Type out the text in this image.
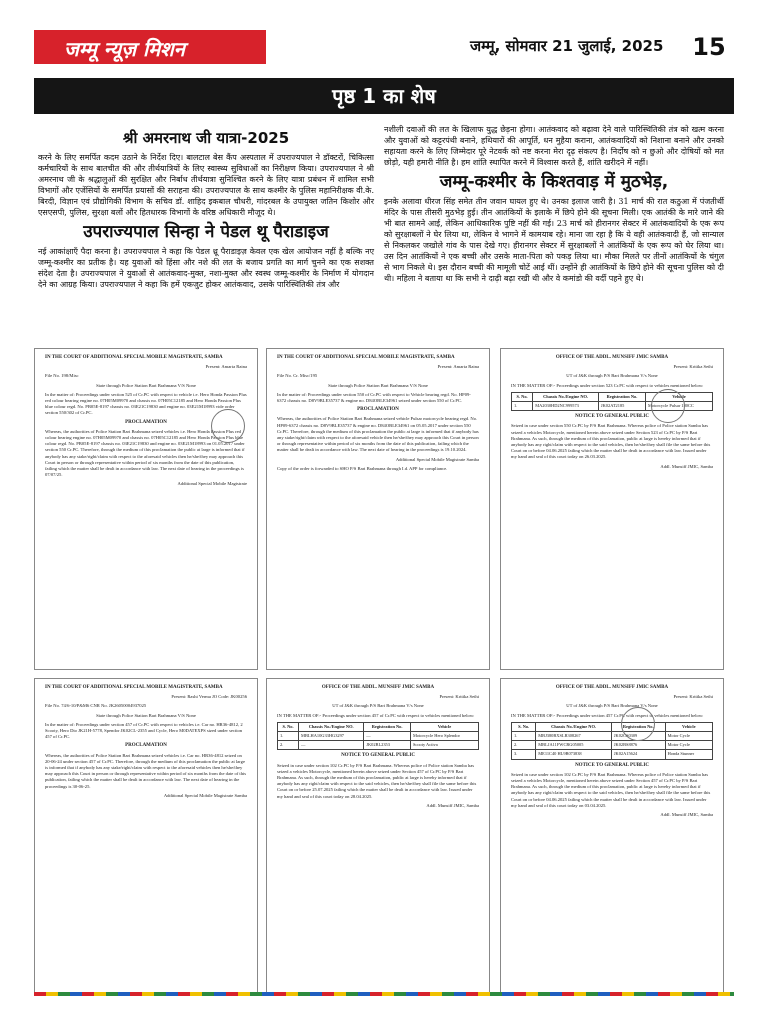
जम्मू न्यूज़ मिशन	जम्मू, सोमवार 21 जुलाई, 2025 15
पृष्ठ 1 का शेष
श्री अमरनाथ जी यात्रा-2025

करने के लिए समर्पित कदम उठाने के निर्देश दिए। बालटाल बेस कैंप अस्पताल में उपराज्यपाल ने डॉक्टरों, चिकित्सा कर्मचारियों के साथ बातचीत की और तीर्थयात्रियों के लिए स्वास्थ्य सुविधाओं का निरीक्षण किया। उपराज्यपाल ने श्री अमरनाथ जी के श्रद्धालुओं की सुरक्षित और निर्बाध तीर्थयात्रा सुनिश्चित करने के लिए यात्रा प्रबंधन में शामिल सभी विभागों और एजेंसियों के समर्पित प्रयासों की सराहना की। उपराज्यपाल के साथ कश्मीर के पुलिस महानिरीक्षक वी.के. बिरदी, विज्ञान एवं प्रौद्योगिकी विभाग के सचिव डॉ. शाहिद इकबाल चौधरी, गांदरबल के उपायुक्त जतिन किशोर और एसएसपी, पुलिस, सुरक्षा बलों और हितधारक विभागों के वरिष्ठ अधिकारी मौजूद थे।

उपराज्यपाल सिन्हा ने पेडल थू पैराडाइज

नई आकांक्षाएँ पैदा करना है। उपराज्यपाल ने कहा कि पेडल थ्रू पैराडाइज़ केवल एक खेल आयोजन नहीं है बल्कि नए जम्मू-कश्मीर का प्रतीक है। यह युवाओं को हिंसा और नशे की लत के बजाय प्रगति का मार्ग चुनने का एक सशक्त संदेश देता है। उपराज्यपाल ने युवाओं से आतंकवाद-मुक्त, नशा-मुक्त और स्वस्थ जम्मू-कश्मीर के निर्माण में योगदान देने का आग्रह किया। उपराज्यपाल ने कहा कि हमें एकजुट होकर आतंकवाद, उसके पारिस्थितिकी तंत्र और

नशीली दवाओं की लत के खिलाफ युद्ध छेड़ना होगा। आतंकवाद को बढ़ावा देने वाले पारिस्थितिकी तंत्र को खत्म करना और युवाओं को कट्टरपंथी बनाने, हथियारों की आपूर्ति, धन मुहैया कराना, आतंकवादियों को निशाना बनाने और उनको सहायता करने के लिए जिम्मेदार पूरे नेटवर्क को नष्ट करना मेरा दृढ़ संकल्प है। निर्दोष को न छुओ और दोषियों को मत छोड़ो, यही हमारी नीति है। हम शांति स्थापित करने में विश्वास करते हैं, शांति खरीदने में नहीं।

जम्मू-कश्मीर के किश्तवाड़ में मुठभेड़,

इनके अलावा धीरज सिंह समेत तीन जवान घायल हुए थे। उनका इलाज जारी है। 31 मार्च की रात कठुआ में पंजतीर्थी मंदिर के पास तीसरी मुठभेड़ हुई। तीन आतंकियों के इलाके में छिपे होने की सूचना मिली। एक आतंकी के मारे जाने की भी बात सामने आई, लेकिन आधिकारिक पुष्टि नहीं की गई। 23 मार्च को हीरानगर सेक्टर में आतंकवादियों के एक रूप को सुरक्षाबलों ने घेर लिया था, लेकिन वे भागने में कामयाब रहे। माना जा रहा है कि ये वही आतंकवादी हैं, जो सान्याल से निकलकर जखोले गांव के पास देखे गए। हीरानगर सेक्टर में सुरक्षाबलों ने आतंकियों के एक रूप को घेर लिया था। उस दिन आतंकियों ने एक बच्ची और उसके माता-पिता को पकड़ लिया था। मौका मिलते पर तीनों आतंकियों के चंगुल से भाग निकले थे। इस दौरान बच्ची की मामूली चोटें आई थीं। उन्होंने ही आतंकियों के छिपे होने की सूचना पुलिस को दी थी। महिला ने बताया था कि सभी ने दाढ़ी बढ़ा रखी थी और वे कमांडो की वर्दी पहने हुए थे।

IN THE COURT OF ADDITIONAL SPECIAL MOBILE MAGISTRATE, SAMBA

Present: Amarta Raina

File No. 198/Misc

State through Police Station Bari Brahmana V/S None

In the matter of: Proceedings under section 525 of Cr.PC with respect to vehicle i.e. Hero Honda Passion Plus red colour bearing engine no. 07H05M09970 and chassis no. 07H05C12185 and Hero Honda Passion Plus blue colour regd. No. PB05E-8197 chassis no. 03E21C19830 and engine no. 03E21M18993 vide order section 550/302 of Cr.PC.

PROCLAMATION

Whereas, the authorities of Police Station Bari Brahmana seized vehicles i.e. Hero Honda Passion Plus red colour bearing engine no. 07H05M09970 and chassis no. 07H05C12185 and Hero Honda Passion Plus blue colour regd. No. PB05E-8197 chassis no. 03E21C19830 and engine no. 03E21M18993 on 01.05.2017 under section 550 Cr.PC. Therefore, through the medium of this proclamation the public at large is informed that if anybody has any stake/right/claim with respect to the aforesaid vehicles then he/she/they may approach this Court in person or through representative within period of six months from the date of this publication, failing which the matter shall be dealt in accordance with law. The next date of hearing in the proceedings is 07/07/25.

Additional Special Mobile Magistrate

IN THE COURT OF ADDITIONAL SPECIAL MOBILE MAGISTRATE, SAMBA

Present: Amarta Raina

File No. Cr. Misc/195

State through Police Station Bari Brahmana V/S None

In the matter of: Proceedings under section 550 of Cr.PC with respect to Vehicle bearing regd. No. HP09-6372 chassis no. D8V9BLE35737 & engine no. D84OBLE34961 seized under section 550 of Cr.PC.

PROCLAMATION

Whereas, the authorities of Police Station Bari Brahmana seized vehicle Pulsar motorcycle bearing regd. No. HP09-6372 chassis no. D8V9BLE35737 & engine no. D84OBLE34961 on 05.05.2017 under section 550 Cr.PC. Therefore, through the medium of this proclamation the public at large is informed that if anybody has any stake/right/claim with respect to the aforesaid vehicle then he/she/they may approach this Court in person or through representative within period of six months from the date of this publication, failing which the matter shall be dealt in accordance with law. The next date of hearing in the proceedings is 19.10.2024.

Additional Special Mobile Magistrate Samba

Copy of the order is forwarded to SHO P/S Bari Brahmana through I.d. APP for compliance.

OFFICE OF THE ADDL. MUNSIFF JMIC SAMBA

Present: Kritika Sethi

UT of J&K through P/S Bari Brahmana V/s None

IN THE MATTER OF:- Proceedings under section 523 Cr.PC with respect to vehicles mentioned below:

S. No.	Chassis No./Engine NO.	Registration No.	Vehicle
1.	MA2030HD2NC999573	JK02AT2185	Motorcycle Pulsar 180CC

NOTICE TO GENERAL PUBLIC

Seized in case under section 550 Cr.PC by P/S Bari Brahmana. Whereas police of Police station Samba has seized a vehicles Motorcycle, mentioned herein above seized under Section 523 of Cr.PC by P/S Bari Brahmana. As such, through the medium of this proclamation, public at large is hereby informed that if anybody has any right/claim with respect to the said vehicles, then he/she/they shall file the same before this Court on or before 04.06.2025 failing which the matter shall be dealt in accordance with law. Issued under my hand and seal of this court today on 26.03.2025.

Addl. Munsiff JMIC, Samba

IN THE COURT OF ADDITIONAL SPECIAL MOBILE MAGISTRATE, SAMBA

Present: Rashi Verma JO Code: JK00256

File No. 74/6-10/P&M6 CNR No. JK26050004937025

State through Police Station Bari Brahmana V/S None

In the matter of: Proceedings under section 457 of Cr.PC with respect to vehicles i.e. Car no. HR36-4812, 2 Scooty, Hero Dio JK21H-5778, Spendor JK02CL-2355 and Cycle, Hero M0DATEXPS sized under section 457 of Cr.PC.

PROCLAMATION

Whereas, the authorities of Police Station Bari Brahmana seized vehicles i.e. Car no. HR36-4812 seized on 20-06-24 under section 457 of Cr.PC. Therefore, through the medium of this proclamation the public at large is informed that if anybody has any stake/right/claim with respect to the aforesaid vehicles then he/she/they may approach this Court in person or through representative within period of six months from the date of this publication, failing which the matter shall be dealt in accordance with law. The next date of hearing in the proceedings is 30-06-25.

Additional Special Mobile Magistrate Samba

OFFICE OF THE ADDL. MUNSIFF JMIC SAMBA

Present: Kritika Sethi

UT of J&K through P/S Bari Brahmana V/s None

IN THE MATTER OF:- Proceedings under section 457 of Cr.PC with respect to vehicles mentioned below:

S. No.	Chassis No./Engine NO.	Registration No.	Vehicle
1.	MBLHA10G33HG3297	—	Motorcycle Hero Splendor
2.	—	JK02BL2353	Scooty Activa

NOTICE TO GENERAL PUBLIC

Seized in case under section 102 Cr.PC by P/S Bari Brahmana. Whereas police of Police station Samba has seized a vehicles Motorcycle, mentioned herein above seized under Section 457 of Cr.PC by P/S Bari Brahmana. As such, through the medium of this proclamation, public at large is hereby informed that if anybody has any right/claim with respect to the said vehicles, then he/she/they shall file the same before this Court on or before 25.07.2025 failing which the matter shall be dealt in accordance with law. Issued under my hand and seal of this court today on 28.04.2025.

Addl. Munsiff JMIC, Samba

OFFICE OF THE ADDL. MUNSIFF JMIC SAMBA

Present: Kritika Sethi

UT of J&K through P/S Bari Brahmana V/s None

IN THE MATTER OF:- Proceedings under section 457 Cr.PC with respect to vehicles mentioned below:

S. No.	Chassis No./Engine NO.	Registration No.	Vehicle
1.	MBJ380BXSLR308267	JK02CS0309	Motor Cycle
2.	MBLJA11FWCRG05005	JK02BS8876	Motor Cycle
3.	ME11C40 HL9B073838	JK02A15624	Honda Stunner

NOTICE TO GENERAL PUBLIC

Seized in case under section 102 Cr.PC by P/S Bari Brahmana. Whereas police of Police station Samba has seized a vehicles Motorcycle, mentioned herein above seized under Section 457 of Cr.PC by P/S Bari Brahmana. As such, through the medium of this proclamation, public at large is hereby informed that if anybody has any right/claim with respect to the said vehicles, then he/she/they shall file the same before this Court on or before 04.06.2025 failing which the matter shall be dealt in accordance with law. Issued under my hand and seal of this court today on 03.04.2025.

Addl. Munsiff JMIC, Samba
